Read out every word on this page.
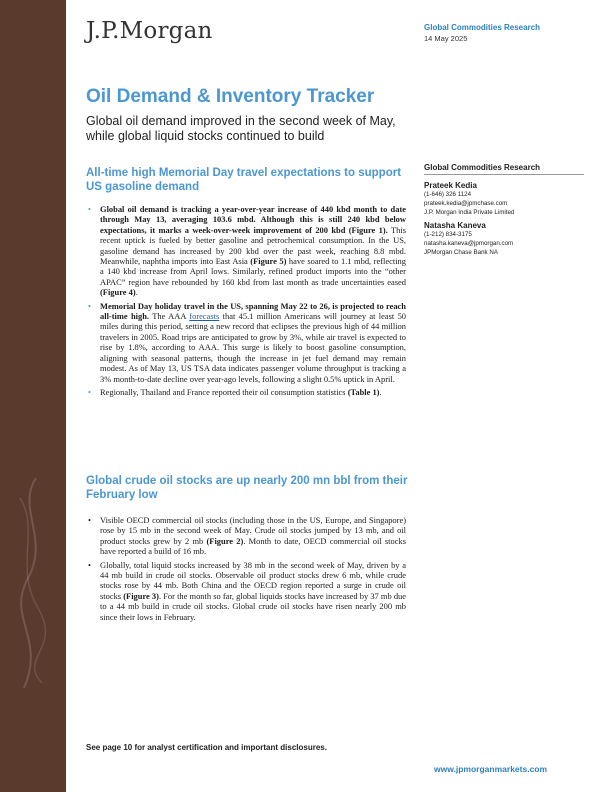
J.P.Morgan	Global Commodities Research
14 May 2025
Oil Demand & Inventory Tracker
Global oil demand improved in the second week of May, while global liquid stocks continued to build
All-time high Memorial Day travel expectations to support US gasoline demand
• Global oil demand is tracking a year-over-year increase of 440 kbd month to date through May 13, averaging 103.6 mbd. Although this is still 240 kbd below expectations, it marks a week-over-week improvement of 200 kbd (Figure 1). This recent uptick is fueled by better gasoline and petrochemical consumption. In the US, gasoline demand has increased by 200 kbd over the past week, reaching 8.8 mbd. Meanwhile, naphtha imports into East Asia (Figure 5) have soared to 1.1 mbd, reflecting a 140 kbd increase from April lows. Similarly, refined product imports into the “other APAC” region have rebounded by 160 kbd from last month as trade uncertainties eased (Figure 4).
• Memorial Day holiday travel in the US, spanning May 22 to 26, is projected to reach all-time high. The AAA forecasts that 45.1 million Americans will journey at least 50 miles during this period, setting a new record that eclipses the previous high of 44 million travelers in 2005. Road trips are anticipated to grow by 3%, while air travel is expected to rise by 1.8%, according to AAA. This surge is likely to boost gasoline consumption, aligning with seasonal patterns, though the increase in jet fuel demand may remain modest. As of May 13, US TSA data indicates passenger volume throughput is tracking a 3% month-to-date decline over year-ago levels, following a slight 0.5% uptick in April.
• Regionally, Thailand and France reported their oil consumption statistics (Table 1).
Global crude oil stocks are up nearly 200 mn bbl from their February low
• Visible OECD commercial oil stocks (including those in the US, Europe, and Singapore) rose by 15 mb in the second week of May. Crude oil stocks jumped by 13 mb, and oil product stocks grew by 2 mb (Figure 2). Month to date, OECD commercial oil stocks have reported a build of 16 mb.
• Globally, total liquid stocks increased by 38 mb in the second week of May, driven by a 44 mb build in crude oil stocks. Observable oil product stocks drew 6 mb, while crude stocks rose by 44 mb. Both China and the OECD region reported a surge in crude oil stocks (Figure 3). For the month so far, global liquids stocks have increased by 37 mb due to a 44 mb build in crude oil stocks. Global crude oil stocks have risen nearly 200 mb since their lows in February.
Global Commodities Research
Prateek Kedia
(1-646) 326 1124
prateek.kedia@jpmchase.com
J.P. Morgan India Private Limited
Natasha Kaneva
(1-212) 834-3175
natasha.kaneva@jpmorgan.com
JPMorgan Chase Bank NA
See page 10 for analyst certification and important disclosures.
www.jpmorganmarkets.com
